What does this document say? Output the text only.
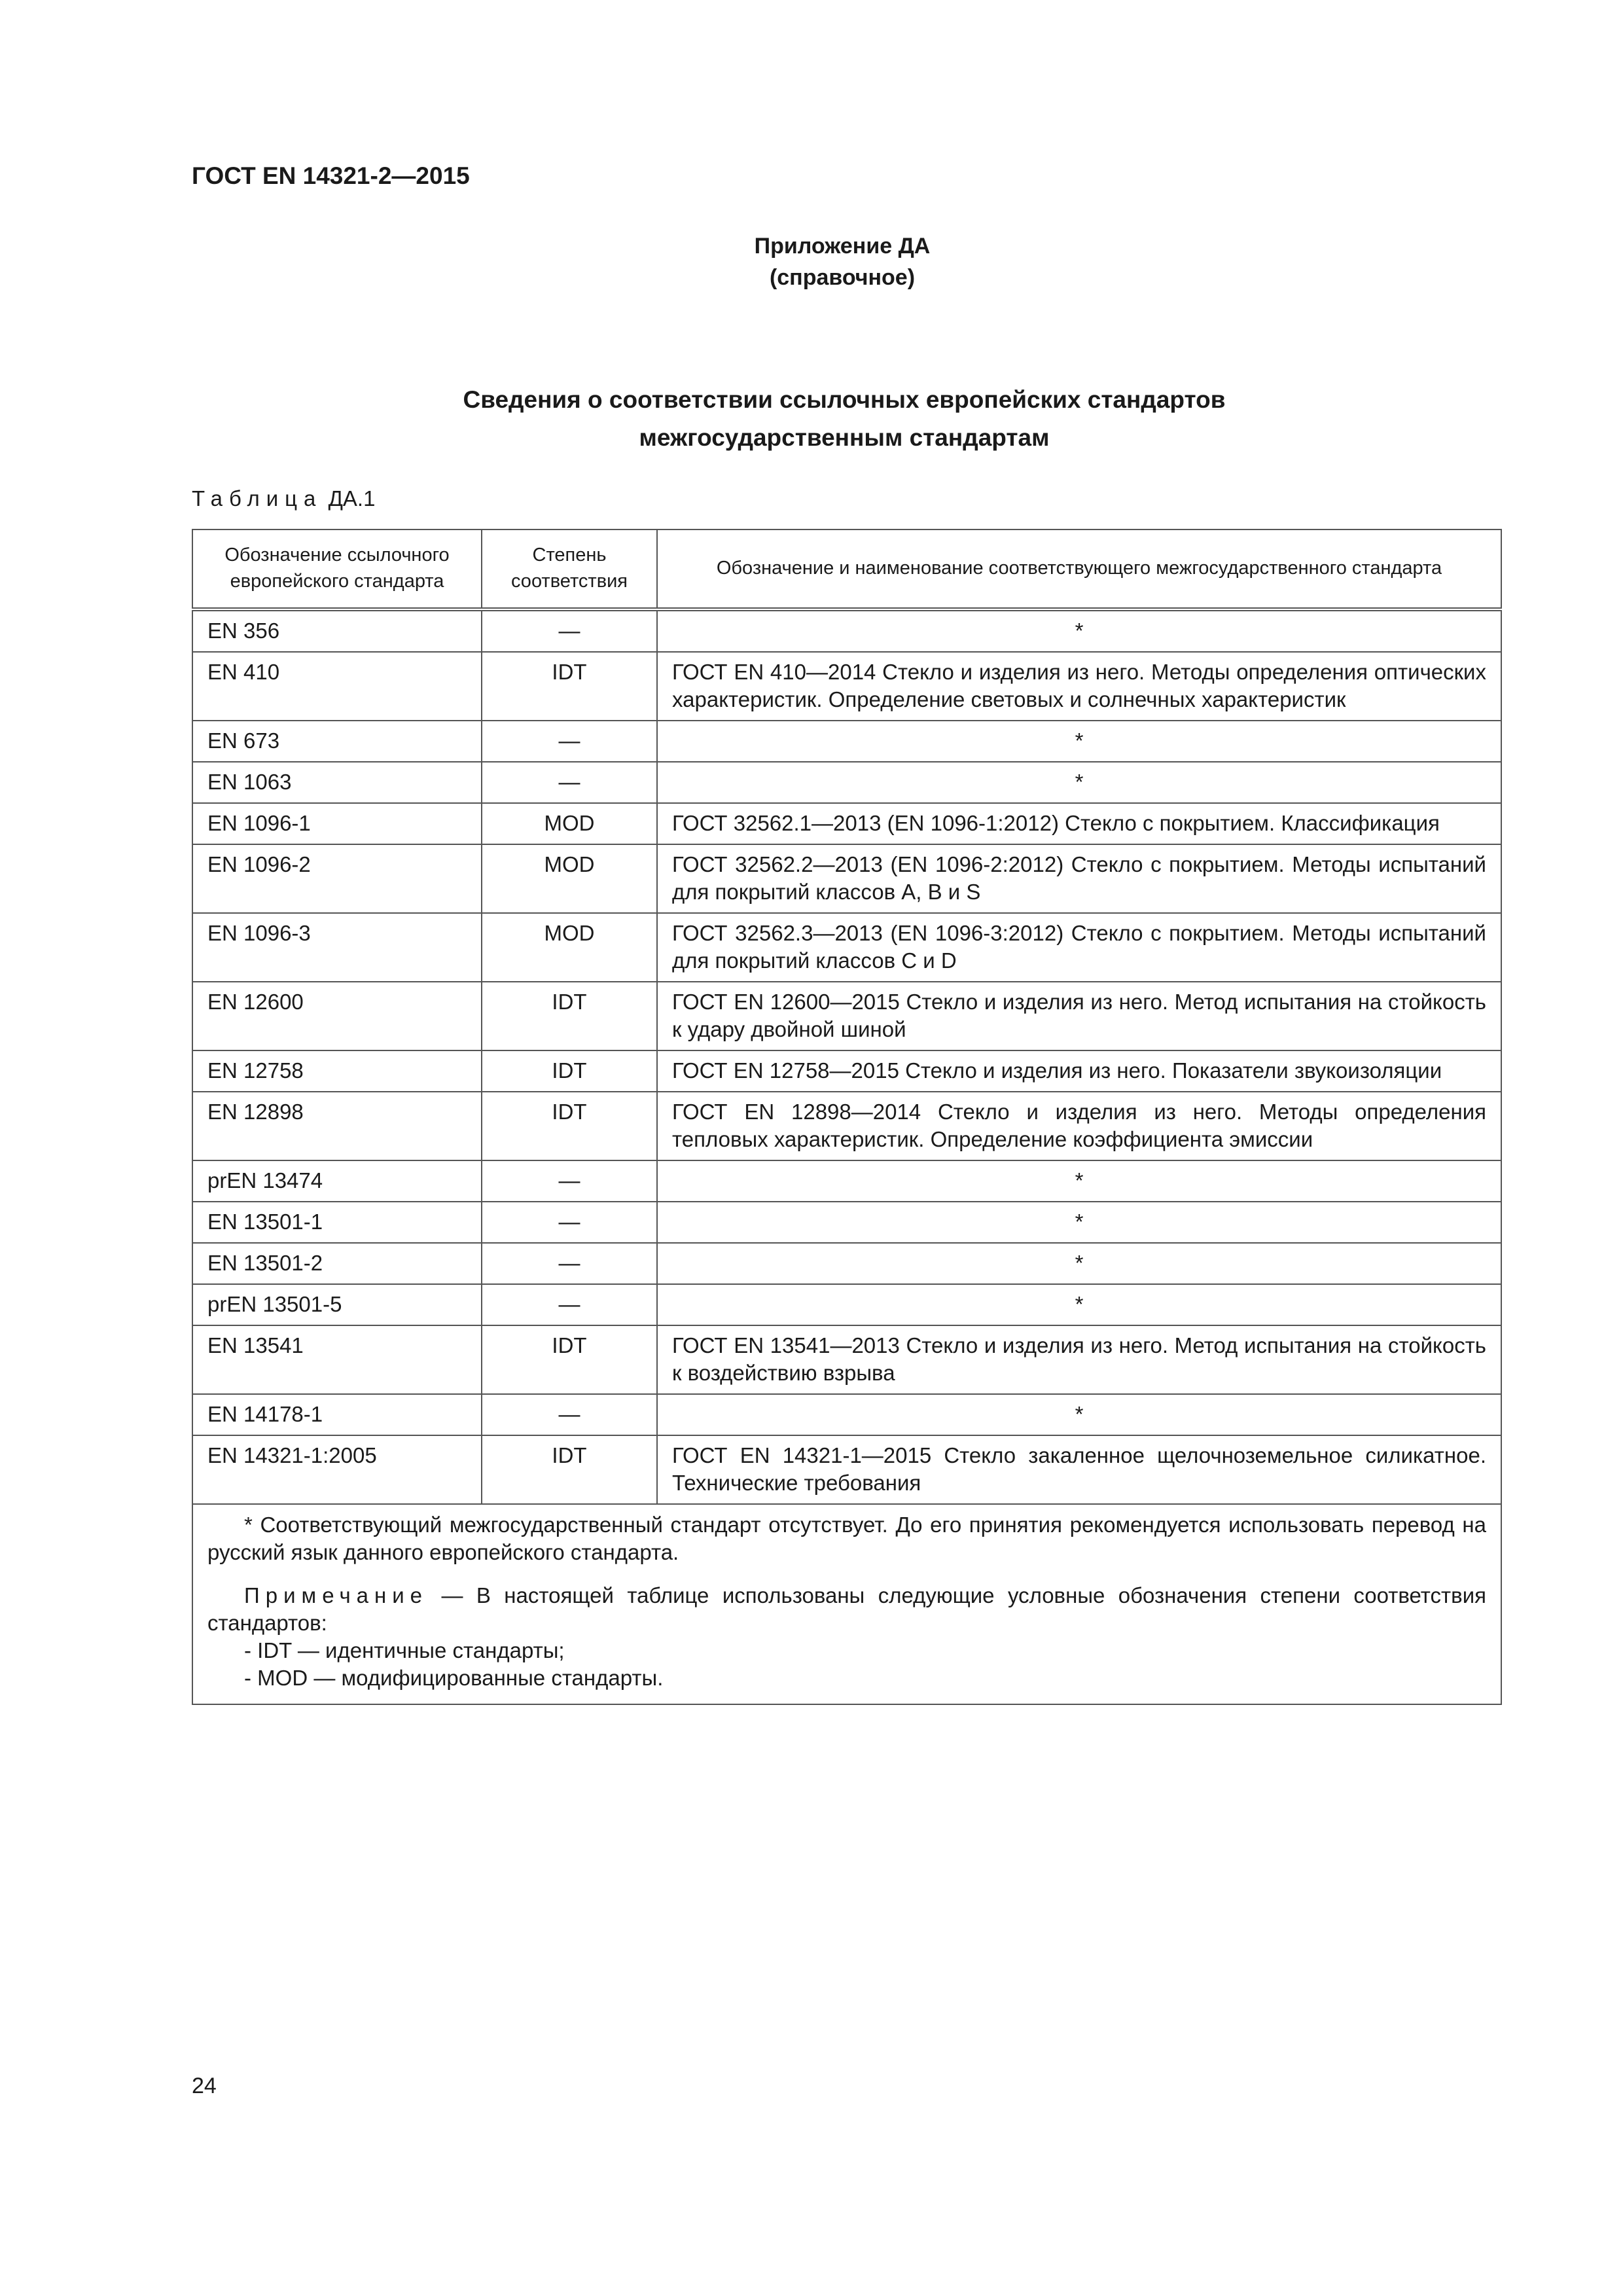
ГОСТ EN 14321-2—2015
Приложение ДА
(справочное)
Сведения о соответствии ссылочных европейских стандартов
межгосударственным стандартам
Таблица ДА.1
Обозначение ссылочного европейского стандарта	Степень соответствия	Обозначение и наименование соответствующего межгосударственного стандарта
EN 356	—	*
EN 410	IDT	ГОСТ EN 410—2014 Стекло и изделия из него. Методы определения оптических характеристик. Определение световых и солнечных характеристик
EN 673	—	*
EN 1063	—	*
EN 1096-1	MOD	ГОСТ 32562.1—2013 (EN 1096-1:2012) Стекло с покрытием. Классификация
EN 1096-2	MOD	ГОСТ 32562.2—2013 (EN 1096-2:2012) Стекло с покрытием. Методы испытаний для покрытий классов A, B и S
EN 1096-3	MOD	ГОСТ 32562.3—2013 (EN 1096-3:2012) Стекло с покрытием. Методы испытаний для покрытий классов C и D
EN 12600	IDT	ГОСТ EN 12600—2015 Стекло и изделия из него. Метод испытания на стойкость к удару двойной шиной
EN 12758	IDT	ГОСТ EN 12758—2015 Стекло и изделия из него. Показатели звукоизоляции
EN 12898	IDT	ГОСТ EN 12898—2014 Стекло и изделия из него. Методы определения тепловых характеристик. Определение коэффициента эмиссии
prEN 13474	—	*
EN 13501-1	—	*
EN 13501-2	—	*
prEN 13501-5	—	*
EN 13541	IDT	ГОСТ EN 13541—2013 Стекло и изделия из него. Метод испытания на стойкость к воздействию взрыва
EN 14178-1	—	*
EN 14321-1:2005	IDT	ГОСТ EN 14321-1—2015 Стекло закаленное щелочноземельное силикатное. Технические требования

* Соответствующий межгосударственный стандарт отсутствует. До его принятия рекомендуется использовать перевод на русский язык данного европейского стандарта.
Примечание — В настоящей таблице использованы следующие условные обозначения степени соответствия стандартов:
- IDT — идентичные стандарты;
- MOD — модифицированные стандарты.		
24
